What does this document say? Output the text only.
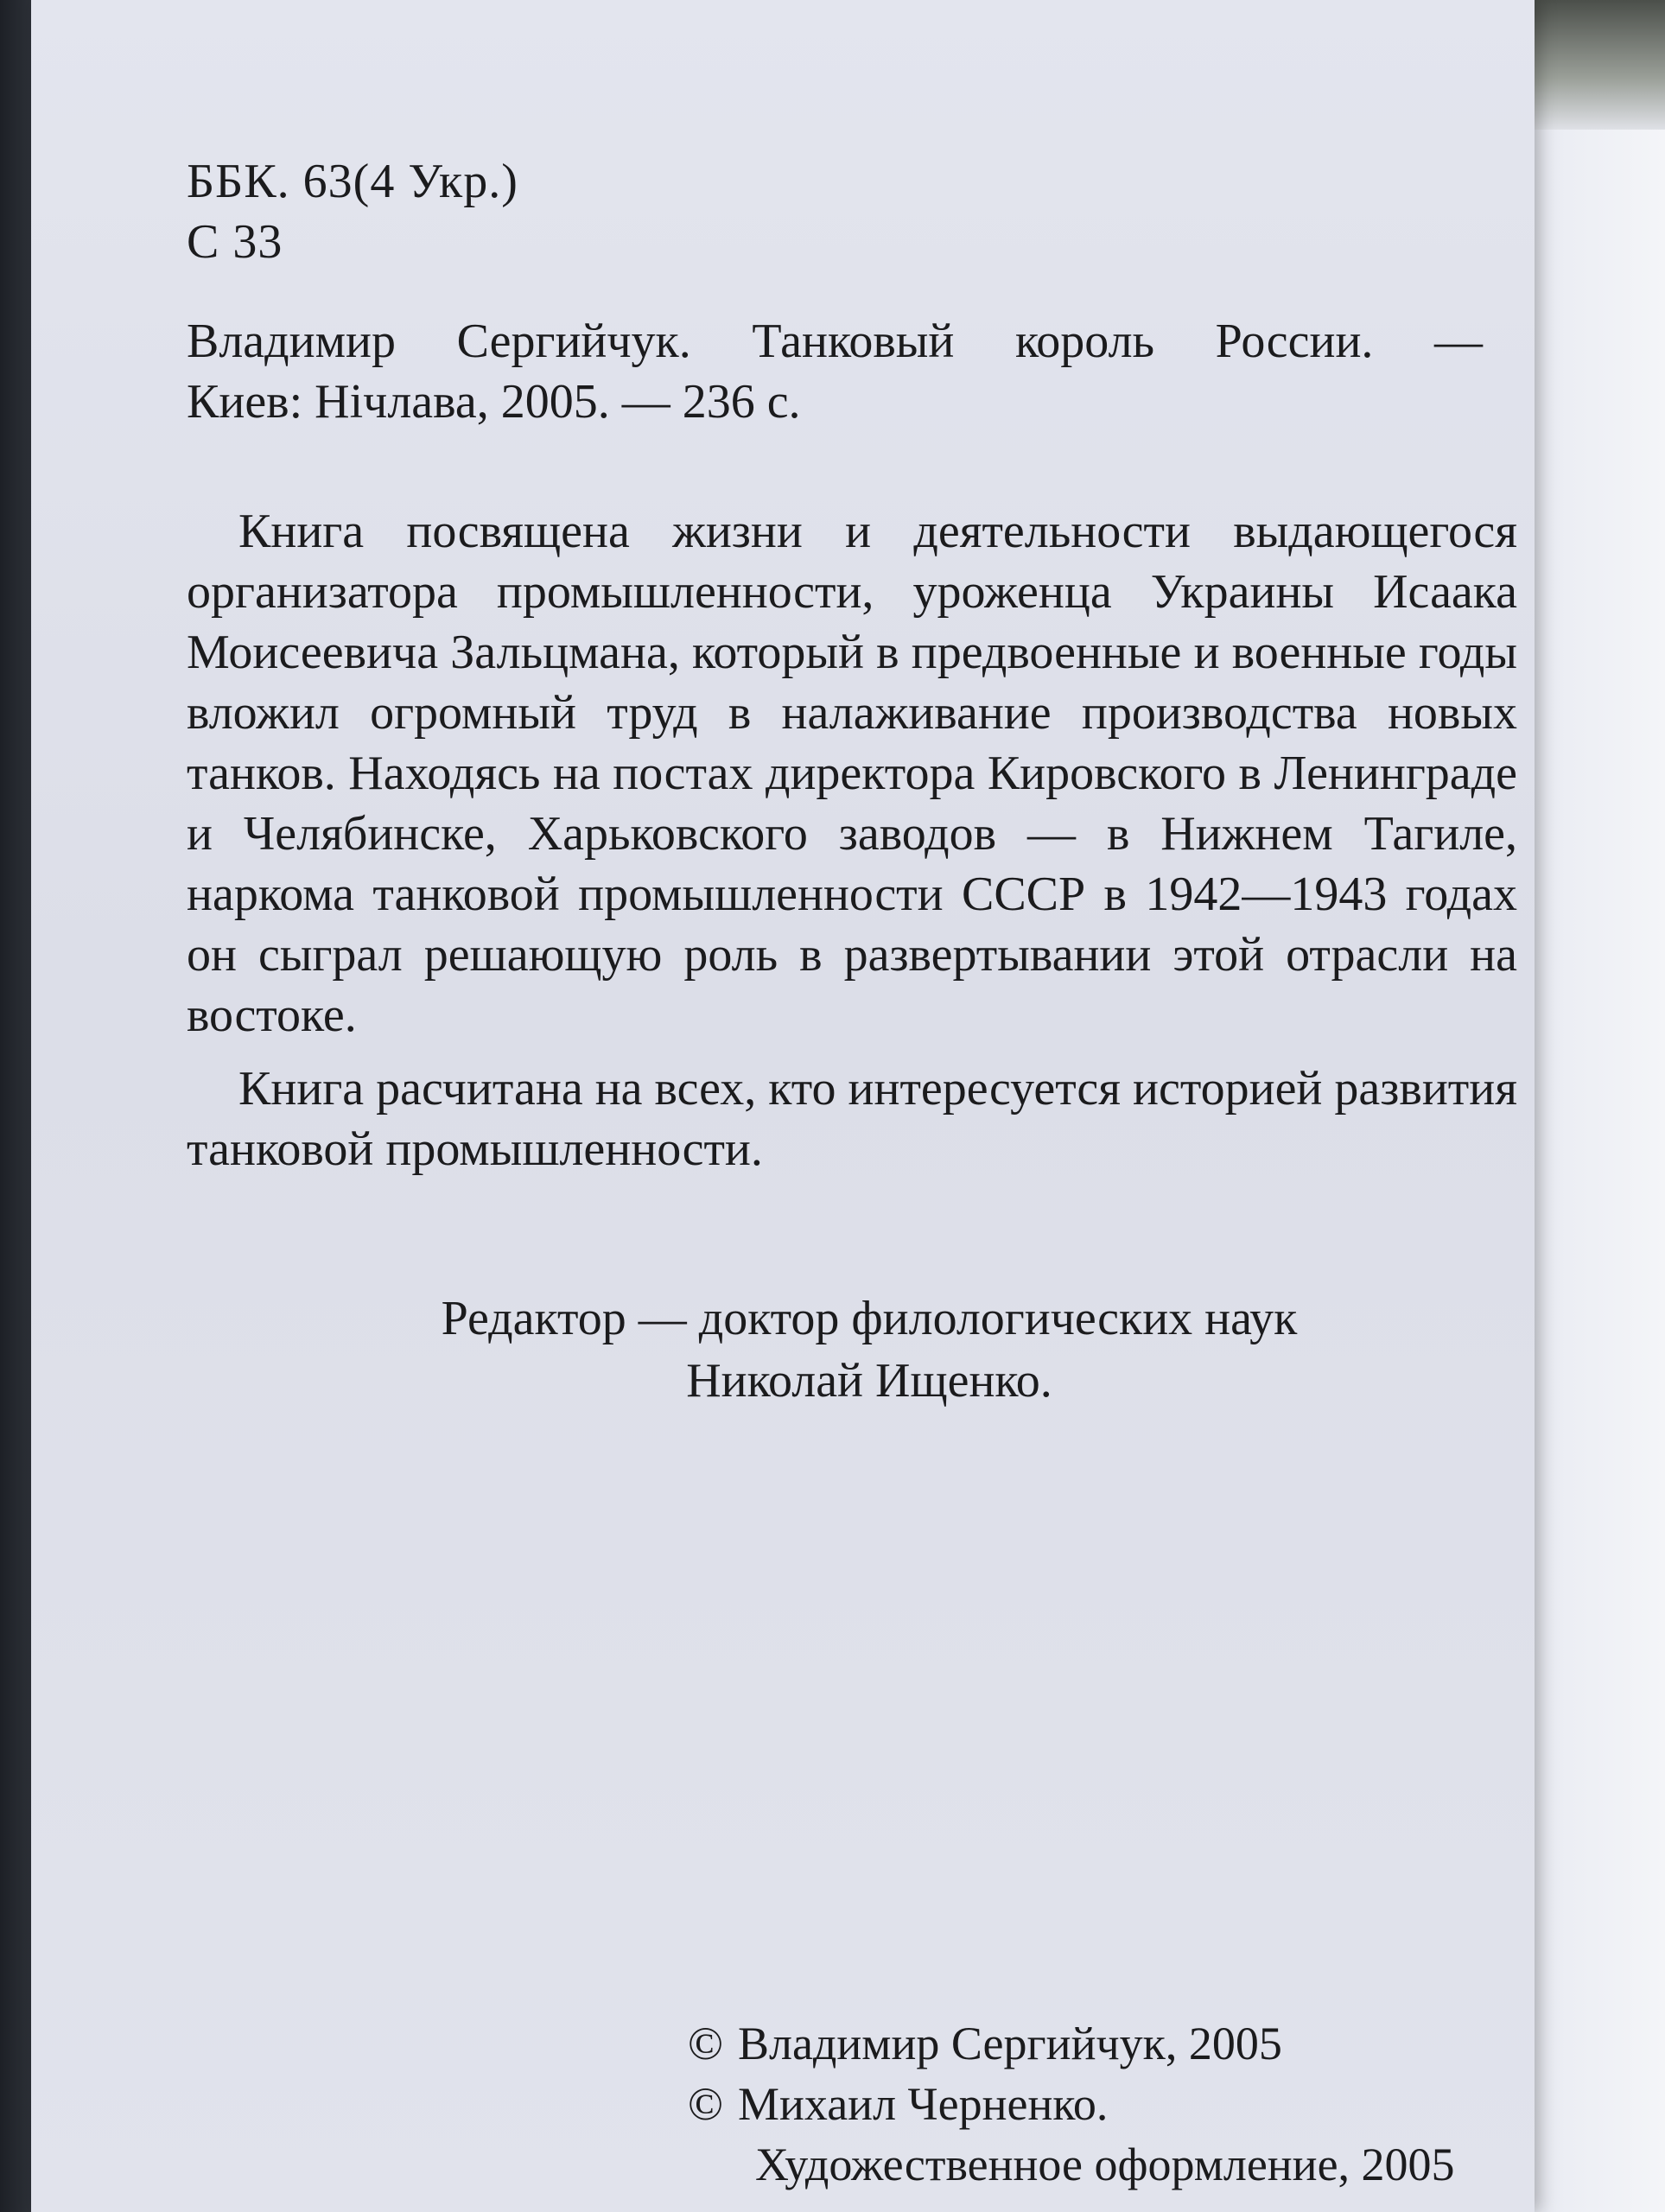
ББК. 63(4 Укр.)
С 33
Владимир Сергийчук. Танковый король России. —
Киев: Нічлава, 2005. — 236 с.
Книга посвящена жизни и деятельности выдающегося организатора промышленности, уроженца Украины Исаака Моисеевича Зальцмана, который в предвоенные и военные годы вложил огромный труд в налаживание производства новых танков. Находясь на постах директора Кировского в Ленинграде и Челябинске, Харьковского заводов — в Нижнем Тагиле, наркома танковой промышленности СССР в 1942—1943 годах он сыграл решающую роль в развертывании этой отрасли на востоке.
Книга расчитана на всех, кто интересуется историей развития танковой промышленности.
Редактор — доктор филологических наук
Николай Ищенко.
© Владимир Сергийчук, 2005
© Михаил Черненко.
Художественное оформление, 2005
